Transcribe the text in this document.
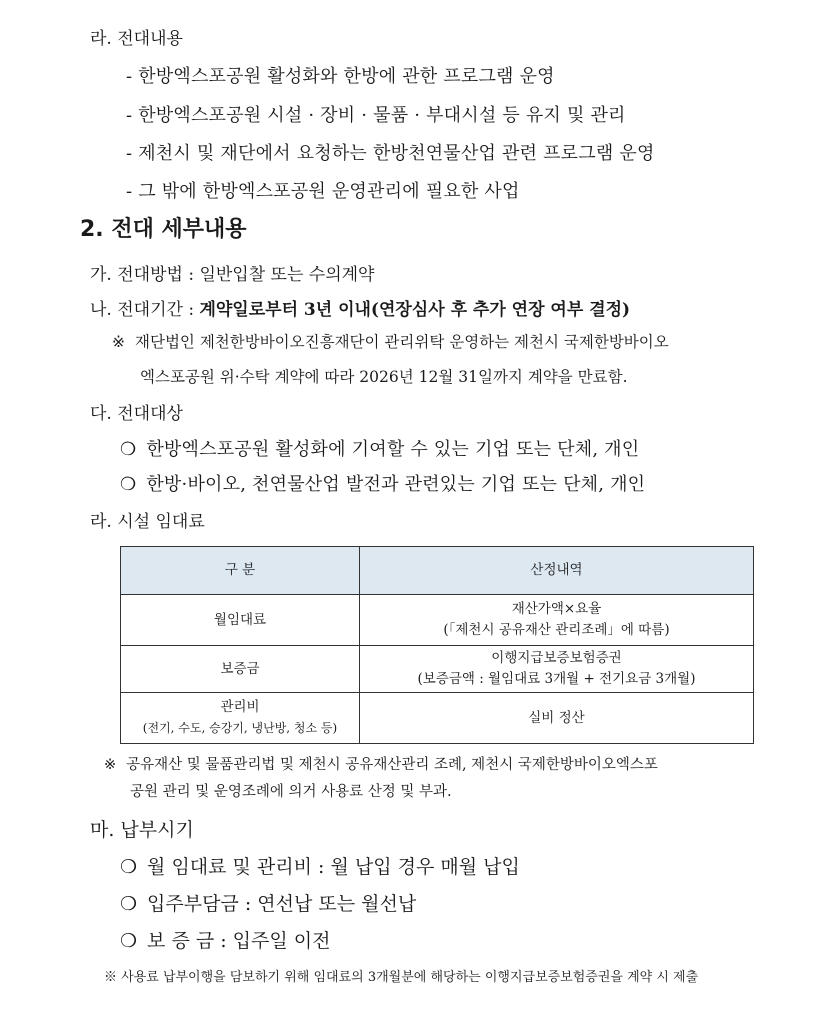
라. 전대내용
- 한방엑스포공원 활성화와 한방에 관한 프로그램 운영
- 한방엑스포공원 시설 · 장비 · 물품 · 부대시설 등 유지 및 관리
- 제천시 및 재단에서 요청하는 한방천연물산업 관련 프로그램 운영
- 그 밖에 한방엑스포공원 운영관리에 필요한 사업
2. 전대 세부내용
가. 전대방법 : 일반입찰 또는 수의계약
나. 전대기간 : 계약일로부터 3년 이내(연장심사 후 추가 연장 여부 결정)
※ 재단법인 제천한방바이오진흥재단이 관리위탁 운영하는 제천시 국제한방바이오
엑스포공원 위·수탁 계약에 따라 2026년 12월 31일까지 계약을 만료함.
다. 전대대상
❍ 한방엑스포공원 활성화에 기여할 수 있는 기업 또는 단체, 개인
❍ 한방·바이오, 천연물산업 발전과 관련있는 기업 또는 단체, 개인
라. 시설 임대료
구 분	산정내역
월임대료	재산가액×요율
(「제천시 공유재산 관리조례」에 따름)

보증금	이행지급보증보험증권
(보증금액 : 월임대료 3개월 + 전기요금 3개월)

관리비
(전기, 수도, 승강기, 냉난방, 청소 등)	실비 정산
※ 공유재산 및 물품관리법 및 제천시 공유재산관리 조례, 제천시 국제한방바이오엑스포
공원 관리 및 운영조례에 의거 사용료 산정 및 부과.
마. 납부시기
❍ 월 임대료 및 관리비 : 월 납입 경우 매월 납입
❍ 입주부담금 : 연선납 또는 월선납
❍ 보 증 금 : 입주일 이전
※ 사용료 납부이행을 담보하기 위해 임대료의 3개월분에 해당하는 이행지급보증보험증권을 계약 시 제출
